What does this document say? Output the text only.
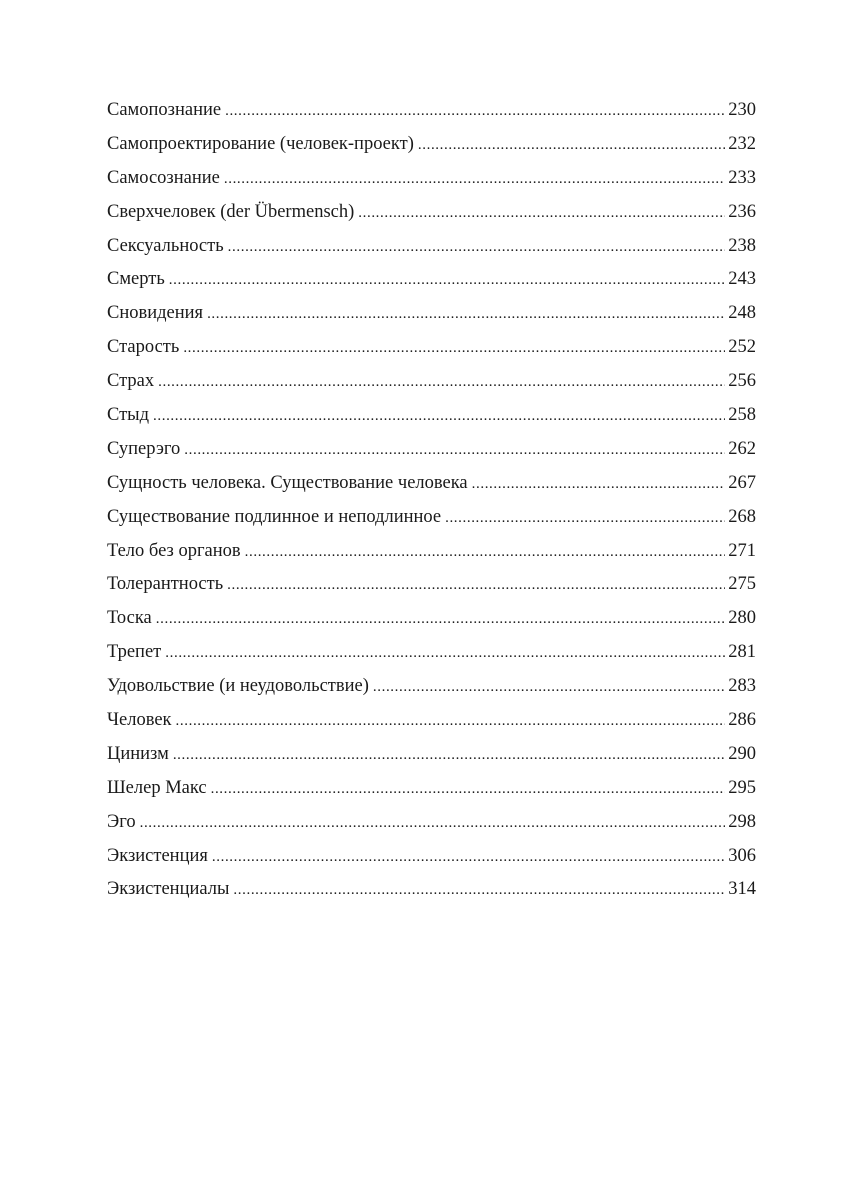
Самопознание .....	230
Самопроектирование (человек-проект) .....	232
Самосознание .....	233
Сверхчеловек (der Übermensch) .....	236
Сексуальность .....	238
Смерть .....	243
Сновидения .....	248
Старость .....	252
Страх .....	256
Стыд .....	258
Суперэго .....	262
Сущность человека. Существование человека .....	267
Существование подлинное и неподлинное .....	268
Тело без органов .....	271
Толерантность .....	275
Тоска .....	280
Трепет .....	281
Удовольствие (и неудовольствие) .....	283
Человек .....	286
Цинизм .....	290
Шелер Макс .....	295
Эго .....	298
Экзистенция .....	306
Экзистенциалы .....	314
